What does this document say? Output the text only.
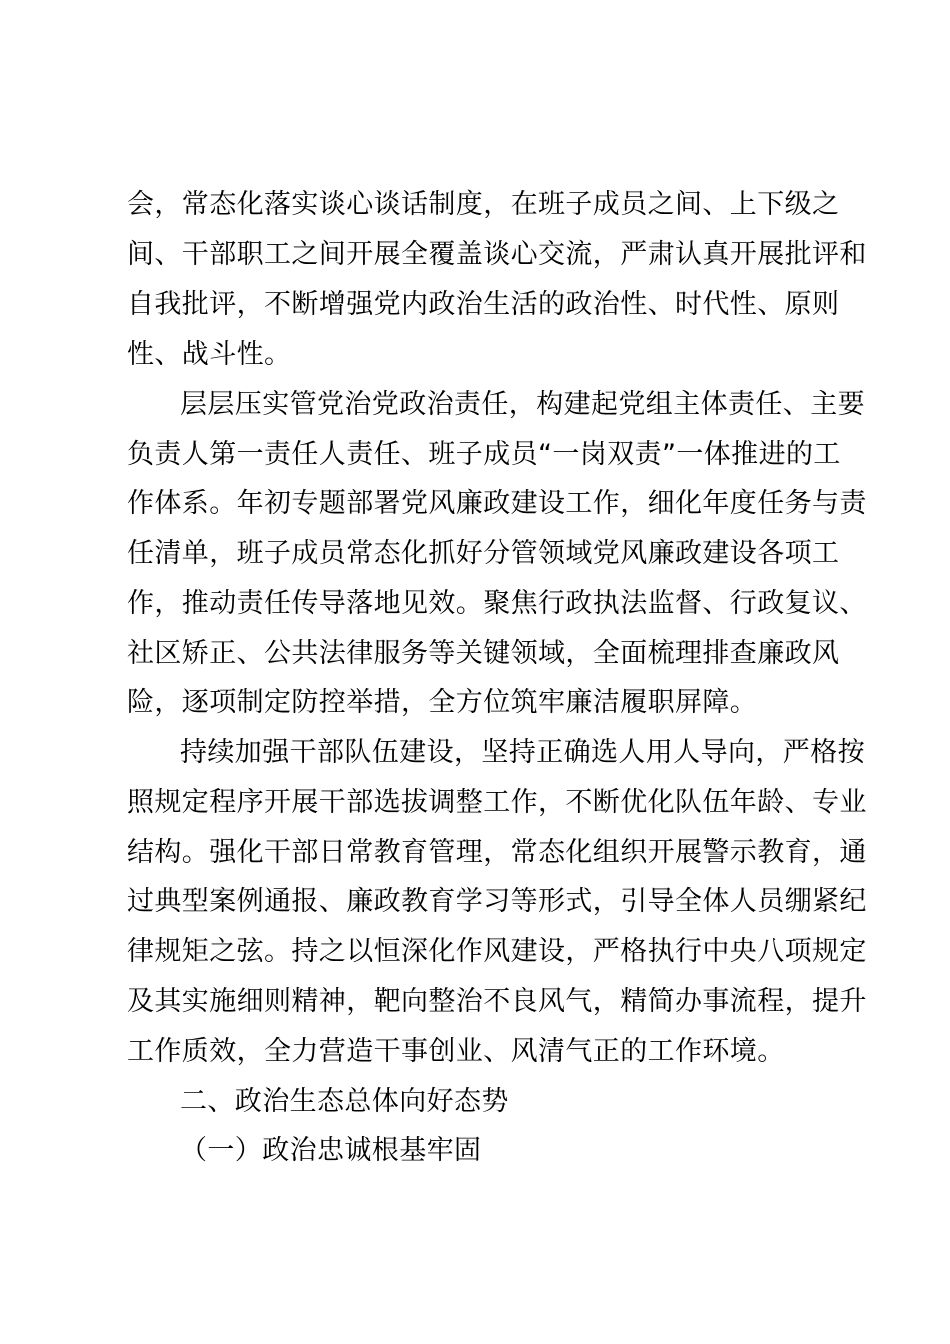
会，常态化落实谈心谈话制度，在班子成员之间、上下级之
间、干部职工之间开展全覆盖谈心交流，严肃认真开展批评和
自我批评，不断增强党内政治生活的政治性、时代性、原则
性、战斗性。
层层压实管党治党政治责任，构建起党组主体责任、主要
负责人第一责任人责任、班子成员“一岗双责”一体推进的工
作体系。年初专题部署党风廉政建设工作，细化年度任务与责
任清单，班子成员常态化抓好分管领域党风廉政建设各项工
作，推动责任传导落地见效。聚焦行政执法监督、行政复议、
社区矫正、公共法律服务等关键领域，全面梳理排查廉政风
险，逐项制定防控举措，全方位筑牢廉洁履职屏障。
持续加强干部队伍建设，坚持正确选人用人导向，严格按
照规定程序开展干部选拔调整工作，不断优化队伍年龄、专业
结构。强化干部日常教育管理，常态化组织开展警示教育，通
过典型案例通报、廉政教育学习等形式，引导全体人员绷紧纪
律规矩之弦。持之以恒深化作风建设，严格执行中央八项规定
及其实施细则精神，靶向整治不良风气，精简办事流程，提升
工作质效，全力营造干事创业、风清气正的工作环境。
二、政治生态总体向好态势
（一）政治忠诚根基牢固
